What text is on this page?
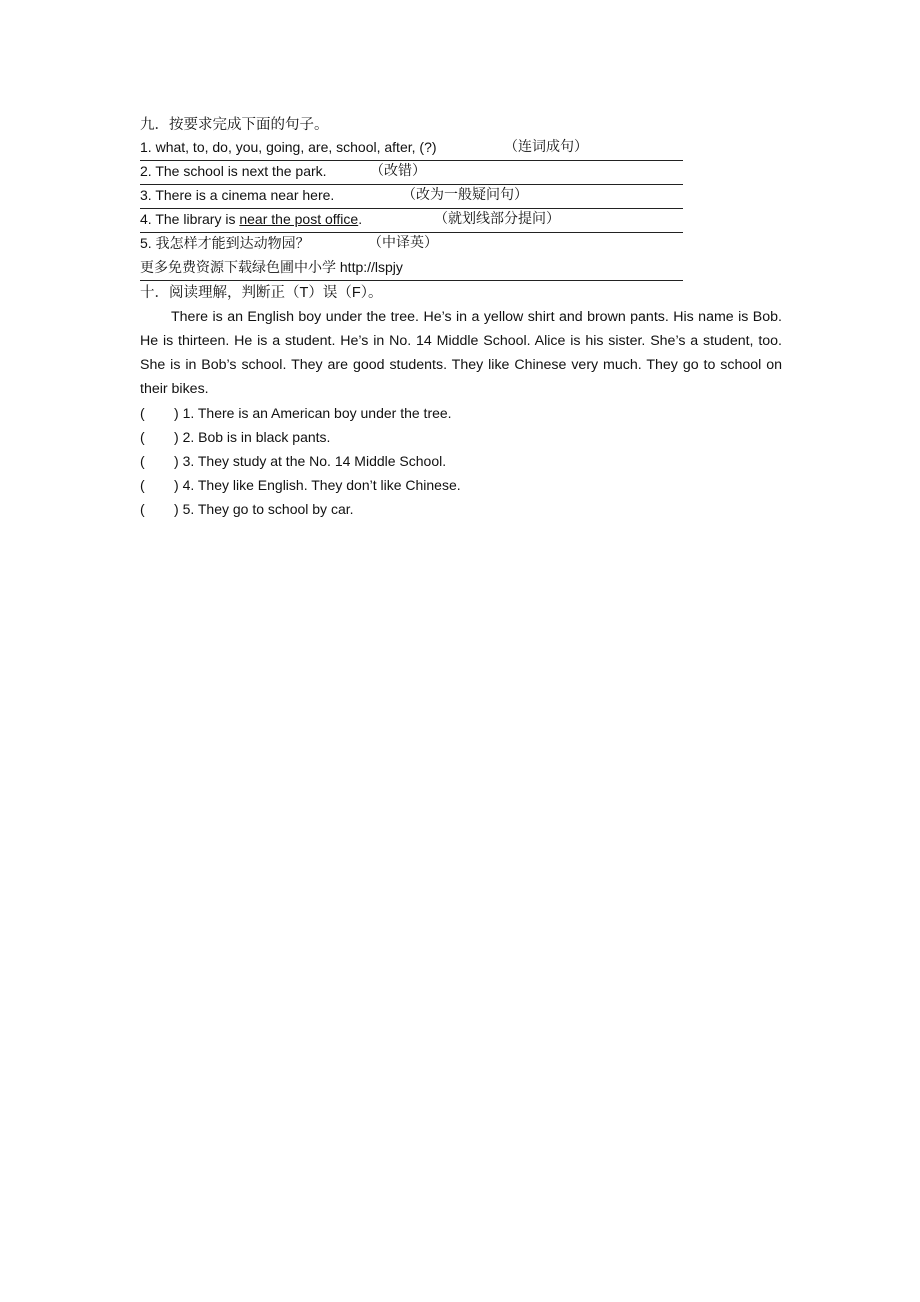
九．按要求完成下面的句子。
1. what, to, do, you, going, are, school, after, (?)	（连词成句）
2. The school is next the park.	（改错）
3. There is a cinema near here.	（改为一般疑问句）
4. The library is near the post office.	（就划线部分提问）
5. 我怎样才能到达动物园？	（中译英）
更多免费资源下载绿色圃中小学 http://lspjy
十．阅读理解，判断正（T）误（F）。

There is an English boy under the tree. He’s in a yellow shirt and brown pants. His name is Bob. He is thirteen. He is a student. He’s in No. 14 Middle School. Alice is his sister. She’s a student, too. She is in Bob’s school. They are good students. They like Chinese very much. They go to school on their bikes.

( ) 1. There is an American boy under the tree.
( ) 2. Bob is in black pants.
( ) 3. They study at the No. 14 Middle School.
( ) 4. They like English. They don’t like Chinese.
( ) 5. They go to school by car.
